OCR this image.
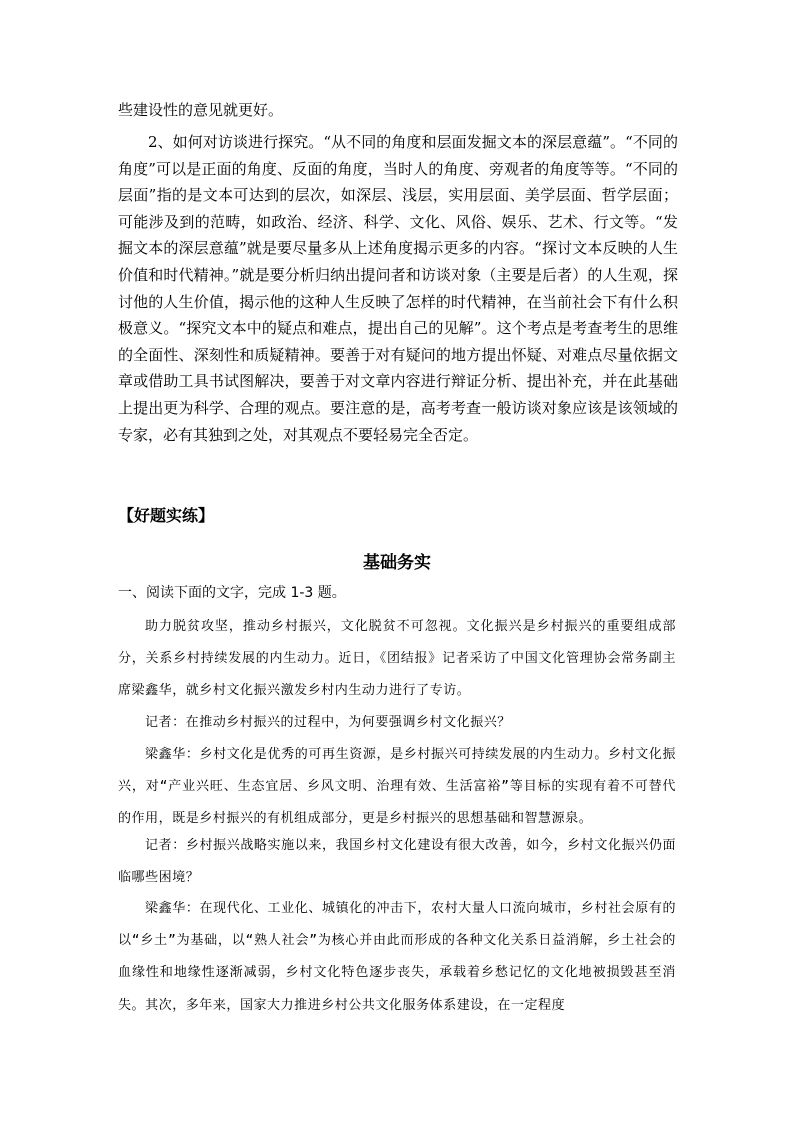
些建设性的意见就更好。

2、如何对访谈进行探究。“从不同的角度和层面发掘文本的深层意蕴”。“不同的角度”可以是正面的角度、反面的角度，当时人的角度、旁观者的角度等等。“不同的层面”指的是文本可达到的层次，如深层、浅层，实用层面、美学层面、哲学层面；可能涉及到的范畴，如政治、经济、科学、文化、风俗、娱乐、艺术、行文等。“发掘文本的深层意蕴”就是要尽量多从上述角度揭示更多的内容。“探讨文本反映的人生价值和时代精神。”就是要分析归纳出提问者和访谈对象（主要是后者）的人生观，探讨他的人生价值，揭示他的这种人生反映了怎样的时代精神，在当前社会下有什么积极意义。“探究文本中的疑点和难点，提出自己的见解”。这个考点是考查考生的思维的全面性、深刻性和质疑精神。要善于对有疑问的地方提出怀疑、对难点尽量依据文章或借助工具书试图解决，要善于对文章内容进行辩证分析、提出补充，并在此基础上提出更为科学、合理的观点。要注意的是，高考考查一般访谈对象应该是该领域的专家，必有其独到之处，对其观点不要轻易完全否定。

【好题实练】

基础务实

一、阅读下面的文字，完成 1-3 题。

助力脱贫攻坚，推动乡村振兴，文化脱贫不可忽视。文化振兴是乡村振兴的重要组成部分，关系乡村持续发展的内生动力。近日，《团结报》记者采访了中国文化管理协会常务副主席梁鑫华，就乡村文化振兴激发乡村内生动力进行了专访。

记者：在推动乡村振兴的过程中，为何要强调乡村文化振兴？

梁鑫华：乡村文化是优秀的可再生资源，是乡村振兴可持续发展的内生动力。乡村文化振兴，对“产业兴旺、生态宜居、乡风文明、治理有效、生活富裕”等目标的实现有着不可替代的作用，既是乡村振兴的有机组成部分，更是乡村振兴的思想基础和智慧源泉。

记者：乡村振兴战略实施以来，我国乡村文化建设有很大改善，如今，乡村文化振兴仍面临哪些困境？

梁鑫华：在现代化、工业化、城镇化的冲击下，农村大量人口流向城市，乡村社会原有的以“乡土”为基础，以“熟人社会”为核心并由此而形成的各种文化关系日益消解，乡土社会的血缘性和地缘性逐渐减弱，乡村文化特色逐步丧失，承载着乡愁记忆的文化地被损毁甚至消失。其次，多年来，国家大力推进乡村公共文化服务体系建设，在一定程度
